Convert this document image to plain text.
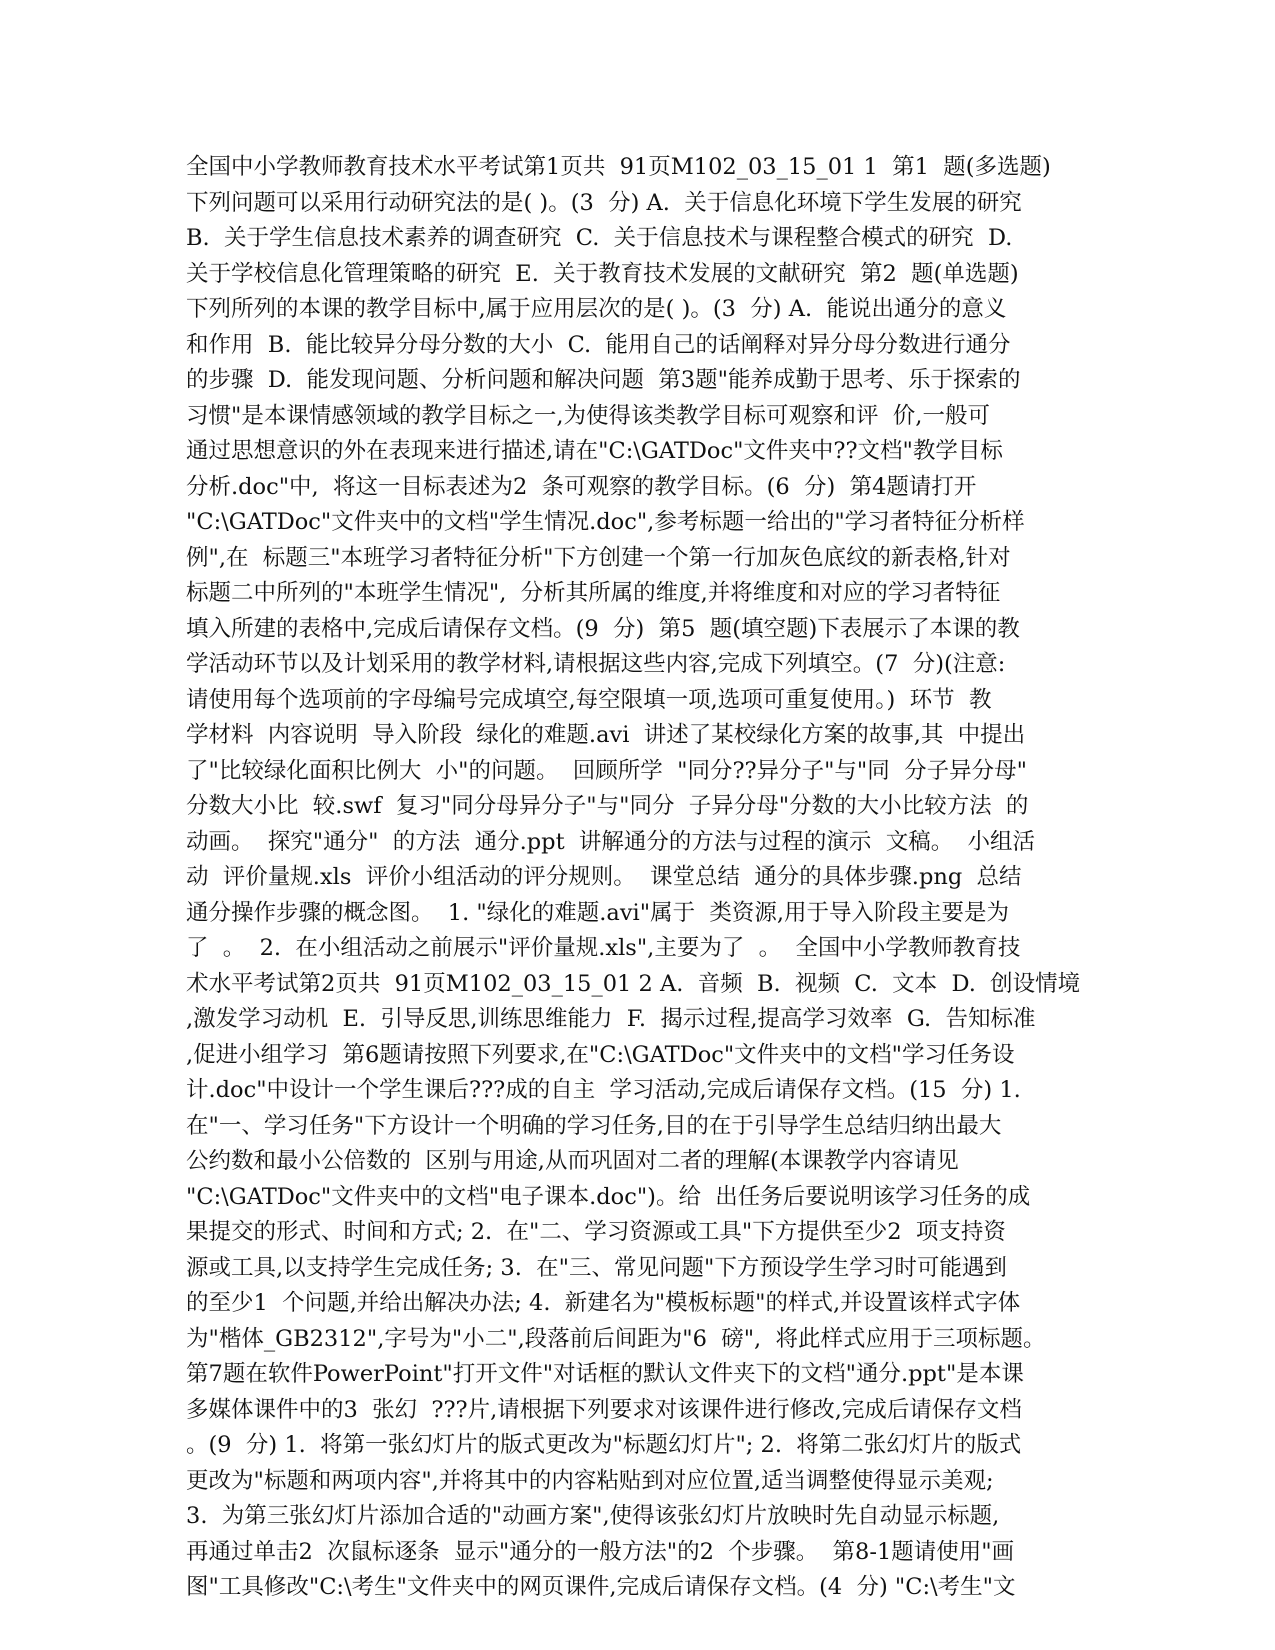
全国中小学教师教育技术水平考试第1页共  91页M102_03_15_01 1  第1  题(多选题)
下列问题可以采用行动研究法的是( )。(3  分) A.  关于信息化环境下学生发展的研究
B.  关于学生信息技术素养的调查研究  C.  关于信息技术与课程整合模式的研究  D.
关于学校信息化管理策略的研究  E.  关于教育技术发展的文献研究  第2  题(单选题)
下列所列的本课的教学目标中,属于应用层次的是( )。(3  分) A.  能说出通分的意义
和作用  B.  能比较异分母分数的大小  C.  能用自己的话阐释对异分母分数进行通分
的步骤  D.  能发现问题、分析问题和解决问题  第3题"能养成勤于思考、乐于探索的
习惯"是本课情感领域的教学目标之一,为使得该类教学目标可观察和评  价,一般可
通过思想意识的外在表现来进行描述,请在"C:\GATDoc"文件夹中??文档"教学目标
分析.doc"中,  将这一目标表述为2  条可观察的教学目标。(6  分)  第4题请打开
"C:\GATDoc"文件夹中的文档"学生情况.doc",参考标题一给出的"学习者特征分析样
例",在  标题三"本班学习者特征分析"下方创建一个第一行加灰色底纹的新表格,针对
标题二中所列的"本班学生情况",  分析其所属的维度,并将维度和对应的学习者特征
填入所建的表格中,完成后请保存文档。(9  分)  第5  题(填空题)下表展示了本课的教
学活动环节以及计划采用的教学材料,请根据这些内容,完成下列填空。(7  分)(注意:
请使用每个选项前的字母编号完成填空,每空限填一项,选项可重复使用。)  环节  教
学材料  内容说明  导入阶段  绿化的难题.avi  讲述了某校绿化方案的故事,其  中提出
了"比较绿化面积比例大  小"的问题。  回顾所学  "同分??异分子"与"同  分子异分母"
分数大小比  较.swf  复习"同分母异分子"与"同分  子异分母"分数的大小比较方法  的
动画。  探究"通分"  的方法  通分.ppt  讲解通分的方法与过程的演示  文稿。  小组活
动  评价量规.xls  评价小组活动的评分规则。  课堂总结  通分的具体步骤.png  总结
通分操作步骤的概念图。  1. "绿化的难题.avi"属于  类资源,用于导入阶段主要是为
了  。  2.  在小组活动之前展示"评价量规.xls",主要为了  。  全国中小学教师教育技
术水平考试第2页共  91页M102_03_15_01 2 A.  音频  B.  视频  C.  文本  D.  创设情境
,激发学习动机  E.  引导反思,训练思维能力  F.  揭示过程,提高学习效率  G.  告知标准
,促进小组学习  第6题请按照下列要求,在"C:\GATDoc"文件夹中的文档"学习任务设
计.doc"中设计一个学生课后???成的自主  学习活动,完成后请保存文档。(15  分) 1.
在"一、学习任务"下方设计一个明确的学习任务,目的在于引导学生总结归纳出最大
公约数和最小公倍数的  区别与用途,从而巩固对二者的理解(本课教学内容请见
"C:\GATDoc"文件夹中的文档"电子课本.doc")。给  出任务后要说明该学习任务的成
果提交的形式、时间和方式; 2.  在"二、学习资源或工具"下方提供至少2  项支持资
源或工具,以支持学生完成任务; 3.  在"三、常见问题"下方预设学生学习时可能遇到
的至少1  个问题,并给出解决办法; 4.  新建名为"模板标题"的样式,并设置该样式字体
为"楷体_GB2312",字号为"小二",段落前后间距为"6  磅",  将此样式应用于三项标题。
第7题在软件PowerPoint"打开文件"对话框的默认文件夹下的文档"通分.ppt"是本课
多媒体课件中的3  张幻  ???片,请根据下列要求对该课件进行修改,完成后请保存文档
。(9  分) 1.  将第一张幻灯片的版式更改为"标题幻灯片"; 2.  将第二张幻灯片的版式
更改为"标题和两项内容",并将其中的内容粘贴到对应位置,适当调整使得显示美观;
3.  为第三张幻灯片添加合适的"动画方案",使得该张幻灯片放映时先自动显示标题,
再通过单击2  次鼠标逐条  显示"通分的一般方法"的2  个步骤。  第8-1题请使用"画
图"工具修改"C:\考生"文件夹中的网页课件,完成后请保存文档。(4  分) "C:\考生"文
